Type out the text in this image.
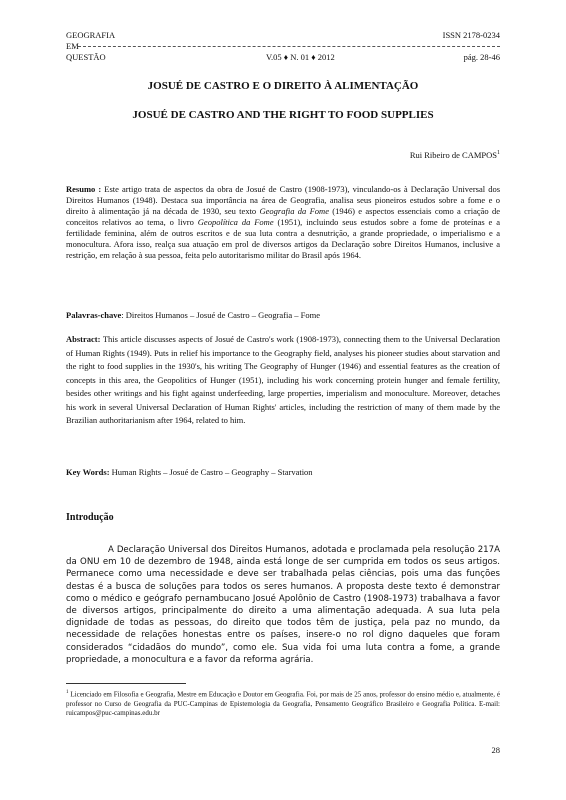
GEOGRAFIA	ISSN 2178-0234
EM
QUESTÃO	V.05 ♦ N. 01 ♦ 2012	pág. 28-46
JOSUÉ DE CASTRO E O DIREITO À ALIMENTAÇÃO
JOSUÉ DE CASTRO AND THE RIGHT TO FOOD SUPPLIES
Rui Ribeiro de CAMPOS$^1$
Resumo : Este artigo trata de aspectos da obra de Josué de Castro (1908-1973), vinculando-os à Declaração Universal dos Direitos Humanos (1948). Destaca sua importância na área de Geografia, analisa seus pioneiros estudos sobre a fome e o direito à alimentação já na década de 1930, seu texto Geografia da Fome (1946) e aspectos essenciais como a criação de conceitos relativos ao tema, o livro Geopolítica da Fome (1951), incluindo seus estudos sobre a fome de proteínas e a fertilidade feminina, além de outros escritos e de sua luta contra a desnutrição, a grande propriedade, o imperialismo e a monocultura. Afora isso, realça sua atuação em prol de diversos artigos da Declaração sobre Direitos Humanos, inclusive a restrição, em relação à sua pessoa, feita pelo autoritarismo militar do Brasil após 1964.
Palavras-chave: Direitos Humanos – Josué de Castro – Geografia – Fome
Abstract: This article discusses aspects of Josué de Castro's work (1908-1973), connecting them to the Universal Declaration of Human Rights (1949). Puts in relief his importance to the Geography field, analyses his pioneer studies about starvation and the right to food supplies in the 1930's, his writing The Geography of Hunger (1946) and essential features as the creation of concepts in this area, the Geopolitics of Hunger (1951), including his work concerning protein hunger and female fertility, besides other writings and his fight against underfeeding, large properties, imperialism and monoculture. Moreover, detaches his work in several Universal Declaration of Human Rights' articles, including the restriction of many of them made by the Brazilian authoritarianism after 1964, related to him.
Key Words: Human Rights – Josué de Castro – Geography – Starvation
Introdução
A Declaração Universal dos Direitos Humanos, adotada e proclamada pela resolução 217A da ONU em 10 de dezembro de 1948, ainda está longe de ser cumprida em todos os seus artigos. Permanece como uma necessidade e deve ser trabalhada pelas ciências, pois uma das funções destas é a busca de soluções para todos os seres humanos. A proposta deste texto é demonstrar como o médico e geógrafo pernambucano Josué Apolônio de Castro (1908-1973) trabalhava a favor de diversos artigos, principalmente do direito a uma alimentação adequada. A sua luta pela dignidade de todas as pessoas, do direito que todos têm de justiça, pela paz no mundo, da necessidade de relações honestas entre os países, insere-o no rol digno daqueles que foram considerados “cidadãos do mundo”, como ele. Sua vida foi uma luta contra a fome, a grande propriedade, a monocultura e a favor da reforma agrária.
$^1$ Licenciado em Filosofia e Geografia, Mestre em Educação e Doutor em Geografia. Foi, por mais de 25 anos, professor do ensino médio e, atualmente, é professor no Curso de Geografia da PUC-Campinas de Epistemologia da Geografia, Pensamento Geográfico Brasileiro e Geografia Política. E-mail: ruicampos@puc-campinas.edu.br
28
